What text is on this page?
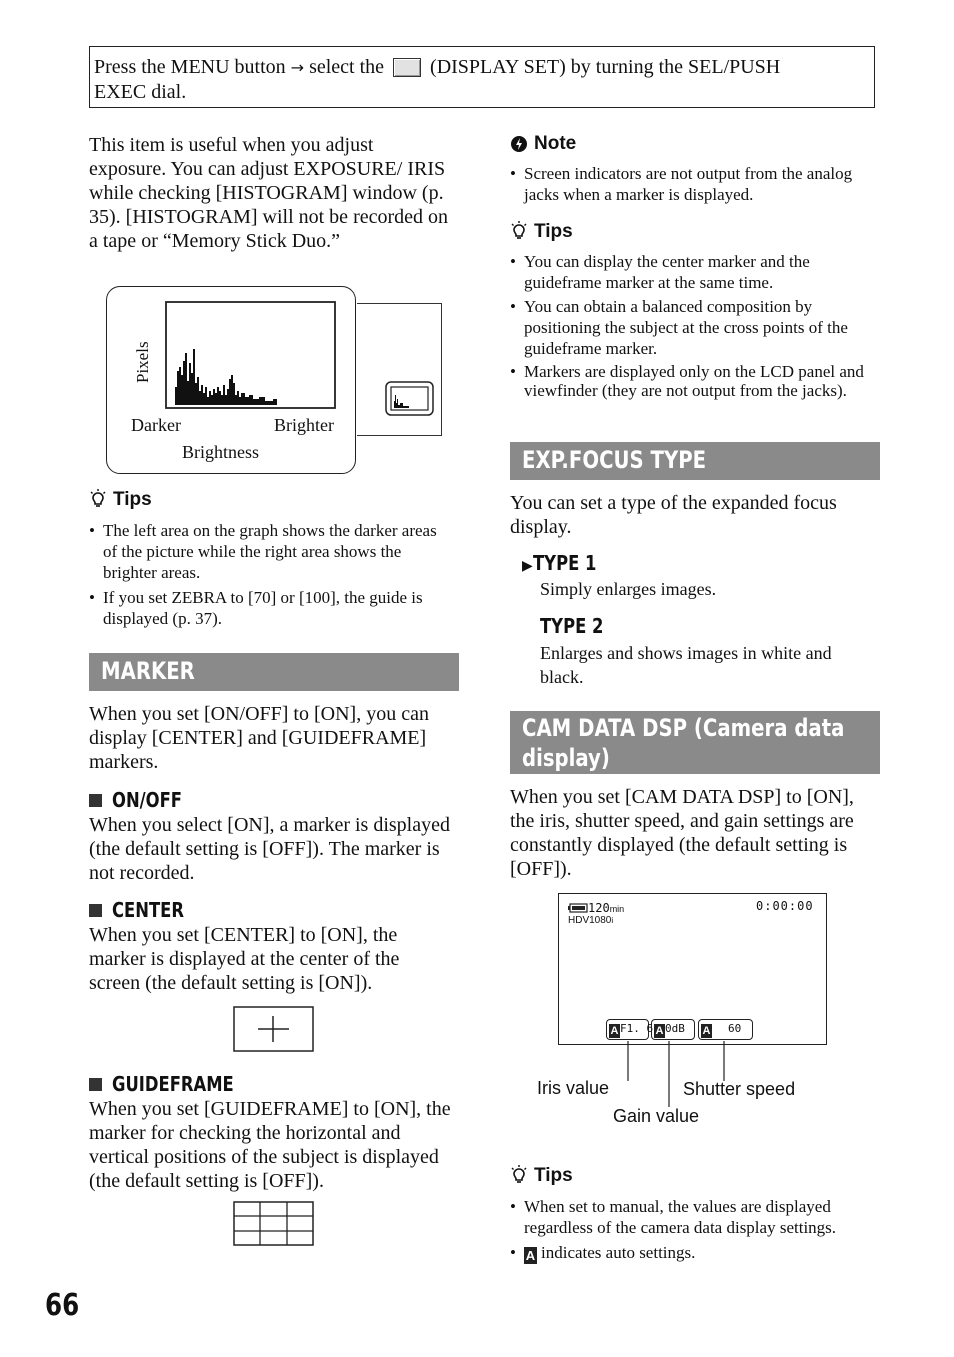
Press the MENU button → select the (DISPLAY SET) by turning the SEL/PUSH
EXEC dial.
This item is useful when you adjust exposure. You can adjust EXPOSURE/ IRIS while checking [HISTOGRAM] window (p. 35). [HISTOGRAM] will not be recorded on a tape or “Memory Stick Duo.”
Pixels
Darker	Brighter
Brightness
Tips
• The left area on the graph shows the darker areas of the picture while the right area shows the brighter areas.
• If you set ZEBRA to [70] or [100], the guide is displayed (p. 37).
MARKER
When you set [ON/OFF] to [ON], you can display [CENTER] and [GUIDEFRAME] markers.
ON/OFF
When you select [ON], a marker is displayed (the default setting is [OFF]). The marker is not recorded.
CENTER
When you set [CENTER] to [ON], the marker is displayed at the center of the screen (the default setting is [ON]).
GUIDEFRAME
When you set [GUIDEFRAME] to [ON], the marker for checking the horizontal and vertical positions of the subject is displayed (the default setting is [OFF]).
Note
• Screen indicators are not output from the analog jacks when a marker is displayed.
Tips
• You can display the center marker and the guideframe marker at the same time.
• You can obtain a balanced composition by positioning the subject at the cross points of the guideframe marker.
• Markers are displayed only on the LCD panel and viewfinder (they are not output from the jacks).
EXP.FOCUS TYPE
You can set a type of the expanded focus display.
▶TYPE 1
Simply enlarges images.
TYPE 2
Enlarges and shows images in white and black.
CAM DATA DSP (Camera data
display)
When you set [CAM DATA DSP] to [ON], the iris, shutter speed, and gain settings are constantly displayed (the default setting is [OFF]).
120min
HDV1080i
0:00:00
A F1. 6 A 0dB	A 60
Iris value	Shutter speed
Gain value
Tips
• When set to manual, the values are displayed regardless of the camera data display settings.
• A indicates auto settings.
66
